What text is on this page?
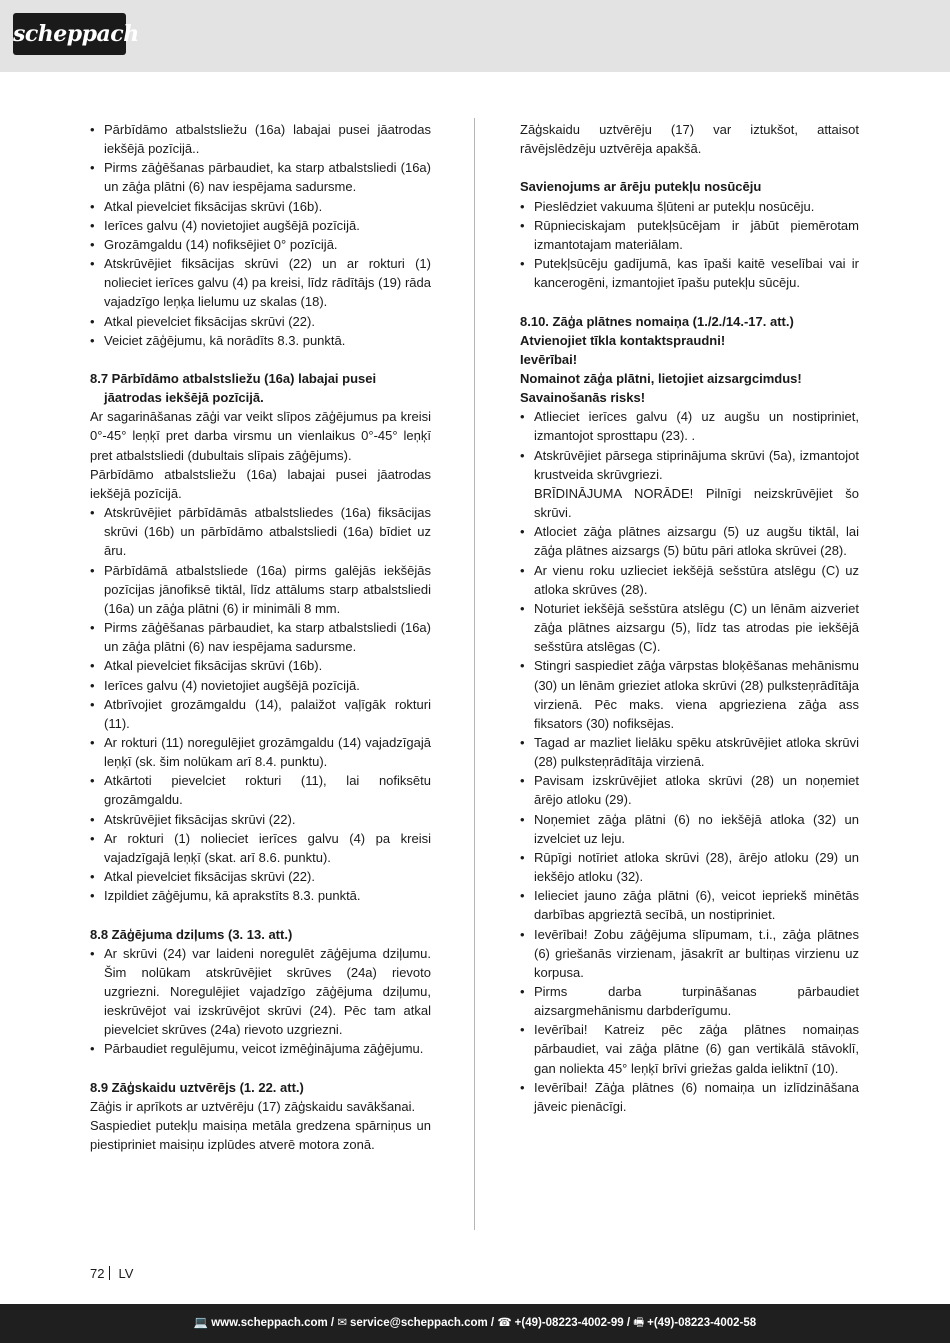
scheppach
• Pārbīdāmo atbalstsliežu (16a) labajai pusei jāatrodas iekšējā pozīcijā..
• Pirms zāģēšanas pārbaudiet, ka starp atbalstsliedi (16a) un zāģa plātni (6) nav iespējama sadursme.
• Atkal pievelciet fiksācijas skrūvi (16b).
• Ierīces galvu (4) novietojiet augšējā pozīcijā.
• Grozāmgaldu (14) nofiksējiet 0° pozīcijā.
• Atskrūvējiet fiksācijas skrūvi (22) un ar rokturi (1) nolieciet ierīces galvu (4) pa kreisi, līdz rādītājs (19) rāda vajadzīgo leņķa lielumu uz skalas (18).
• Atkal pievelciet fiksācijas skrūvi (22).
• Veiciet zāģējumu, kā norādīts 8.3. punktā.
8.7 Pārbīdāmo atbalstsliežu (16a) labajai pusei jāatrodas iekšējā pozīcijā.
Ar sagarināšanas zāģi var veikt slīpos zāģējumus pa kreisi 0°-45° leņķī pret darba virsmu un vienlaikus 0°-45° leņķī pret atbalstsliedi (dubultais slīpais zāģējums).
Pārbīdāmo atbalstsliežu (16a) labajai pusei jāatrodas iekšējā pozīcijā.
• Atskrūvējiet pārbīdāmās atbalstsliedes (16a) fiksācijas skrūvi (16b) un pārbīdāmo atbalstsliedi (16a) bīdiet uz āru.
• Pārbīdāmā atbalstsliede (16a) pirms galējās iekšējās pozīcijas jānofiksē tiktāl, līdz attālums starp atbalstsliedi (16a) un zāģa plātni (6) ir minimāli 8 mm.
• Pirms zāģēšanas pārbaudiet, ka starp atbalstsliedi (16a) un zāģa plātni (6) nav iespējama sadursme.
• Atkal pievelciet fiksācijas skrūvi (16b).
• Ierīces galvu (4) novietojiet augšējā pozīcijā.
• Atbrīvojiet grozāmgaldu (14), palaižot vaļīgāk rokturi (11).
• Ar rokturi (11) noregulējiet grozāmgaldu (14) vajadzīgajā leņķī (sk. šim nolūkam arī 8.4. punktu).
• Atkārtoti pievelciet rokturi (11), lai nofiksētu grozāmgaldu.
• Atskrūvējiet fiksācijas skrūvi (22).
• Ar rokturi (1) nolieciet ierīces galvu (4) pa kreisi vajadzīgajā leņķī (skat. arī 8.6. punktu).
• Atkal pievelciet fiksācijas skrūvi (22).
• Izpildiet zāģējumu, kā aprakstīts 8.3. punktā.
8.8 Zāģējuma dziļums (3. 13. att.)
• Ar skrūvi (24) var laideni noregulēt zāģējuma dziļumu. Šim nolūkam atskrūvējiet skrūves (24a) rievoto uzgriezni. Noregulējiet vajadzīgo zāģējuma dziļumu, ieskrūvējot vai izskrūvējot skrūvi (24). Pēc tam atkal pievelciet skrūves (24a) rievoto uzgriezni.
• Pārbaudiet regulējumu, veicot izmēģinājuma zāģējumu.
8.9 Zāģskaidu uztvērējs (1. 22. att.)
Zāģis ir aprīkots ar uztvērēju (17) zāģskaidu savākšanai.
Saspiediet putekļu maisiņa metāla gredzena spārniņus un piestipriniet maisiņu izplūdes atverē motora zonā.
Zāģskaidu uztvērēju (17) var iztukšot, attaisot rāvējslēdzēju uztvērēja apakšā.
Savienojums ar ārēju putekļu nosūcēju
• Pieslēdziet vakuuma šļūteni ar putekļu nosūcēju.
• Rūpnieciskajam putekļsūcējam ir jābūt piemērotam izmantotajam materiālam.
• Putekļsūcēju gadījumā, kas īpaši kaitē veselībai vai ir kancerogēni, izmantojiet īpašu putekļu sūcēju.
8.10. Zāģa plātnes nomaiņa (1./2./14.-17. att.)
Atvienojiet tīkla kontaktspraudni!
Ievērībai!
Nomainot zāģa plātni, lietojiet aizsargcimdus!
Savainošanās risks!
• Atlieciet ierīces galvu (4) uz augšu un nostipriniet, izmantojot sprosttapu (23). .
• Atskrūvējiet pārsega stiprinājuma skrūvi (5a), izmantojot krustveida skrūvgriezi.
BRĪDINĀJUMA NORĀDE! Pilnīgi neizskrūvējiet šo skrūvi.
• Atlociet zāģa plātnes aizsargu (5) uz augšu tiktāl, lai zāģa plātnes aizsargs (5) būtu pāri atloka skrūvei (28).
• Ar vienu roku uzlieciet iekšējā sešstūra atslēgu (C) uz atloka skrūves (28).
• Noturiet iekšējā sešstūra atslēgu (C) un lēnām aizveriet zāģa plātnes aizsargu (5), līdz tas atrodas pie iekšējā sešstūra atslēgas (C).
• Stingri saspiediet zāģa vārpstas bloķēšanas mehānismu (30) un lēnām grieziet atloka skrūvi (28) pulksteņrādītāja virzienā. Pēc maks. viena apgrieziena zāģa ass fiksators (30) nofiksējas.
• Tagad ar mazliet lielāku spēku atskrūvējiet atloka skrūvi (28) pulksteņrādītāja virzienā.
• Pavisam izskrūvējiet atloka skrūvi (28) un noņemiet ārējo atloku (29).
• Noņemiet zāģa plātni (6) no iekšējā atloka (32) un izvelciet uz leju.
• Rūpīgi notīriet atloka skrūvi (28), ārējo atloku (29) un iekšējo atloku (32).
• Ielieciet jauno zāģa plātni (6), veicot iepriekš minētās darbības apgrieztā secībā, un nostipriniet.
• Ievērībai! Zobu zāģējuma slīpumam, t.i., zāģa plātnes (6) griešanās virzienam, jāsakrīt ar bultiņas virzienu uz korpusa.
• Pirms darba turpināšanas pārbaudiet aizsargmehānismu darbderīgumu.
• Ievērībai! Katreiz pēc zāģa plātnes nomaiņas pārbaudiet, vai zāģa plātne (6) gan vertikālā stāvoklī, gan noliekta 45° leņķī brīvi griežas galda ieliktnī (10).
• Ievērībai! Zāģa plātnes (6) nomaiņa un izlīdzināšana jāveic pienācīgi.
72 LV
💻 www.scheppach.com / ✉ service@scheppach.com / ☎ +(49)-08223-4002-99 / 🖷 +(49)-08223-4002-58
